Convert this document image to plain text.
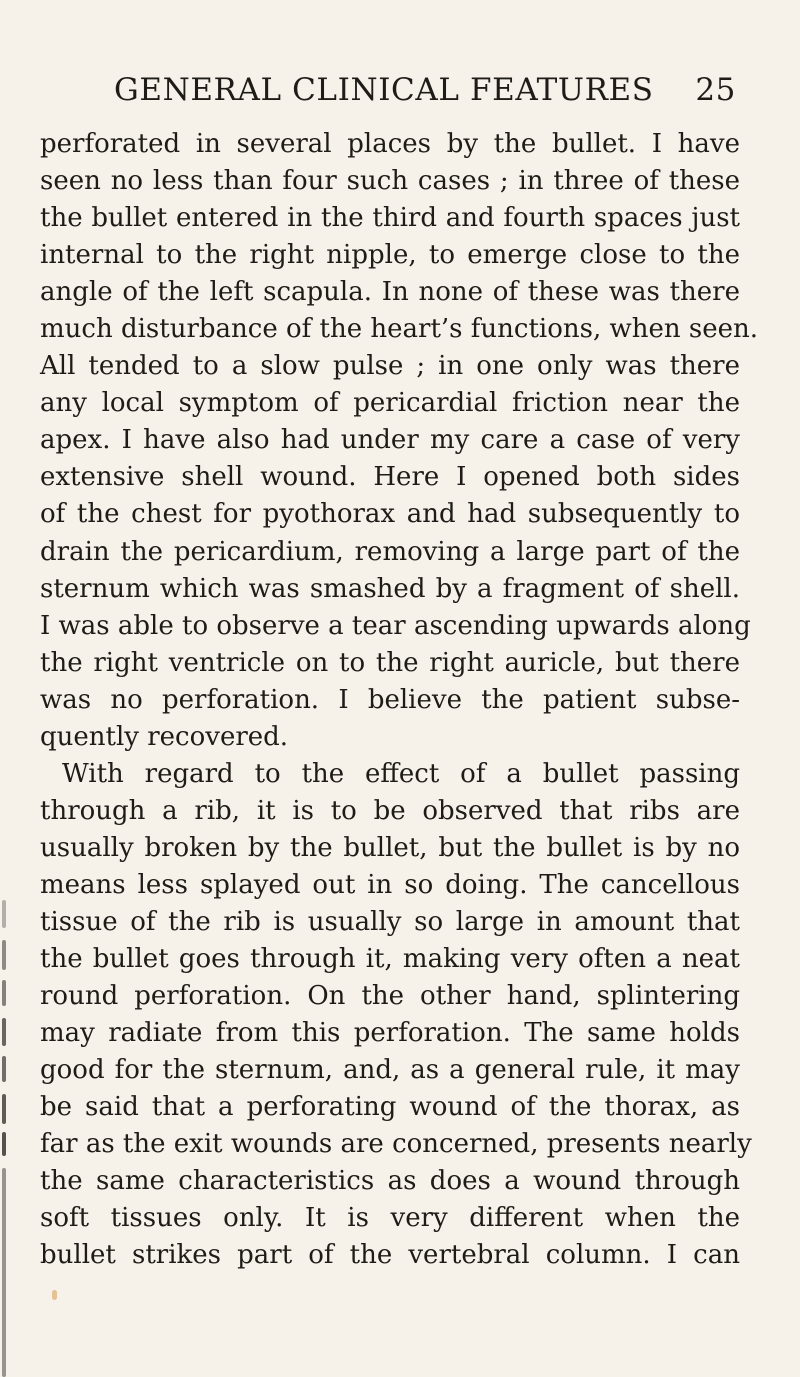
GENERAL CLINICAL FEATURES 25
perforated in several places by the bullet. I have
seen no less than four such cases ; in three of these
the bullet entered in the third and fourth spaces just
internal to the right nipple, to emerge close to the
angle of the left scapula. In none of these was there
much disturbance of the heart’s functions, when seen.
All tended to a slow pulse ; in one only was there
any local symptom of pericardial friction near the
apex. I have also had under my care a case of very
extensive shell wound. Here I opened both sides
of the chest for pyothorax and had subsequently to
drain the pericardium, removing a large part of the
sternum which was smashed by a fragment of shell.
I was able to observe a tear ascending upwards along
the right ventricle on to the right auricle, but there
was no perforation. I believe the patient subse-
quently recovered.
With regard to the effect of a bullet passing
through a rib, it is to be observed that ribs are
usually broken by the bullet, but the bullet is by no
means less splayed out in so doing. The cancellous
tissue of the rib is usually so large in amount that
the bullet goes through it, making very often a neat
round perforation. On the other hand, splintering
may radiate from this perforation. The same holds
good for the sternum, and, as a general rule, it may
be said that a perforating wound of the thorax, as
far as the exit wounds are concerned, presents nearly
the same characteristics as does a wound through
soft tissues only. It is very different when the
bullet strikes part of the vertebral column. I can
